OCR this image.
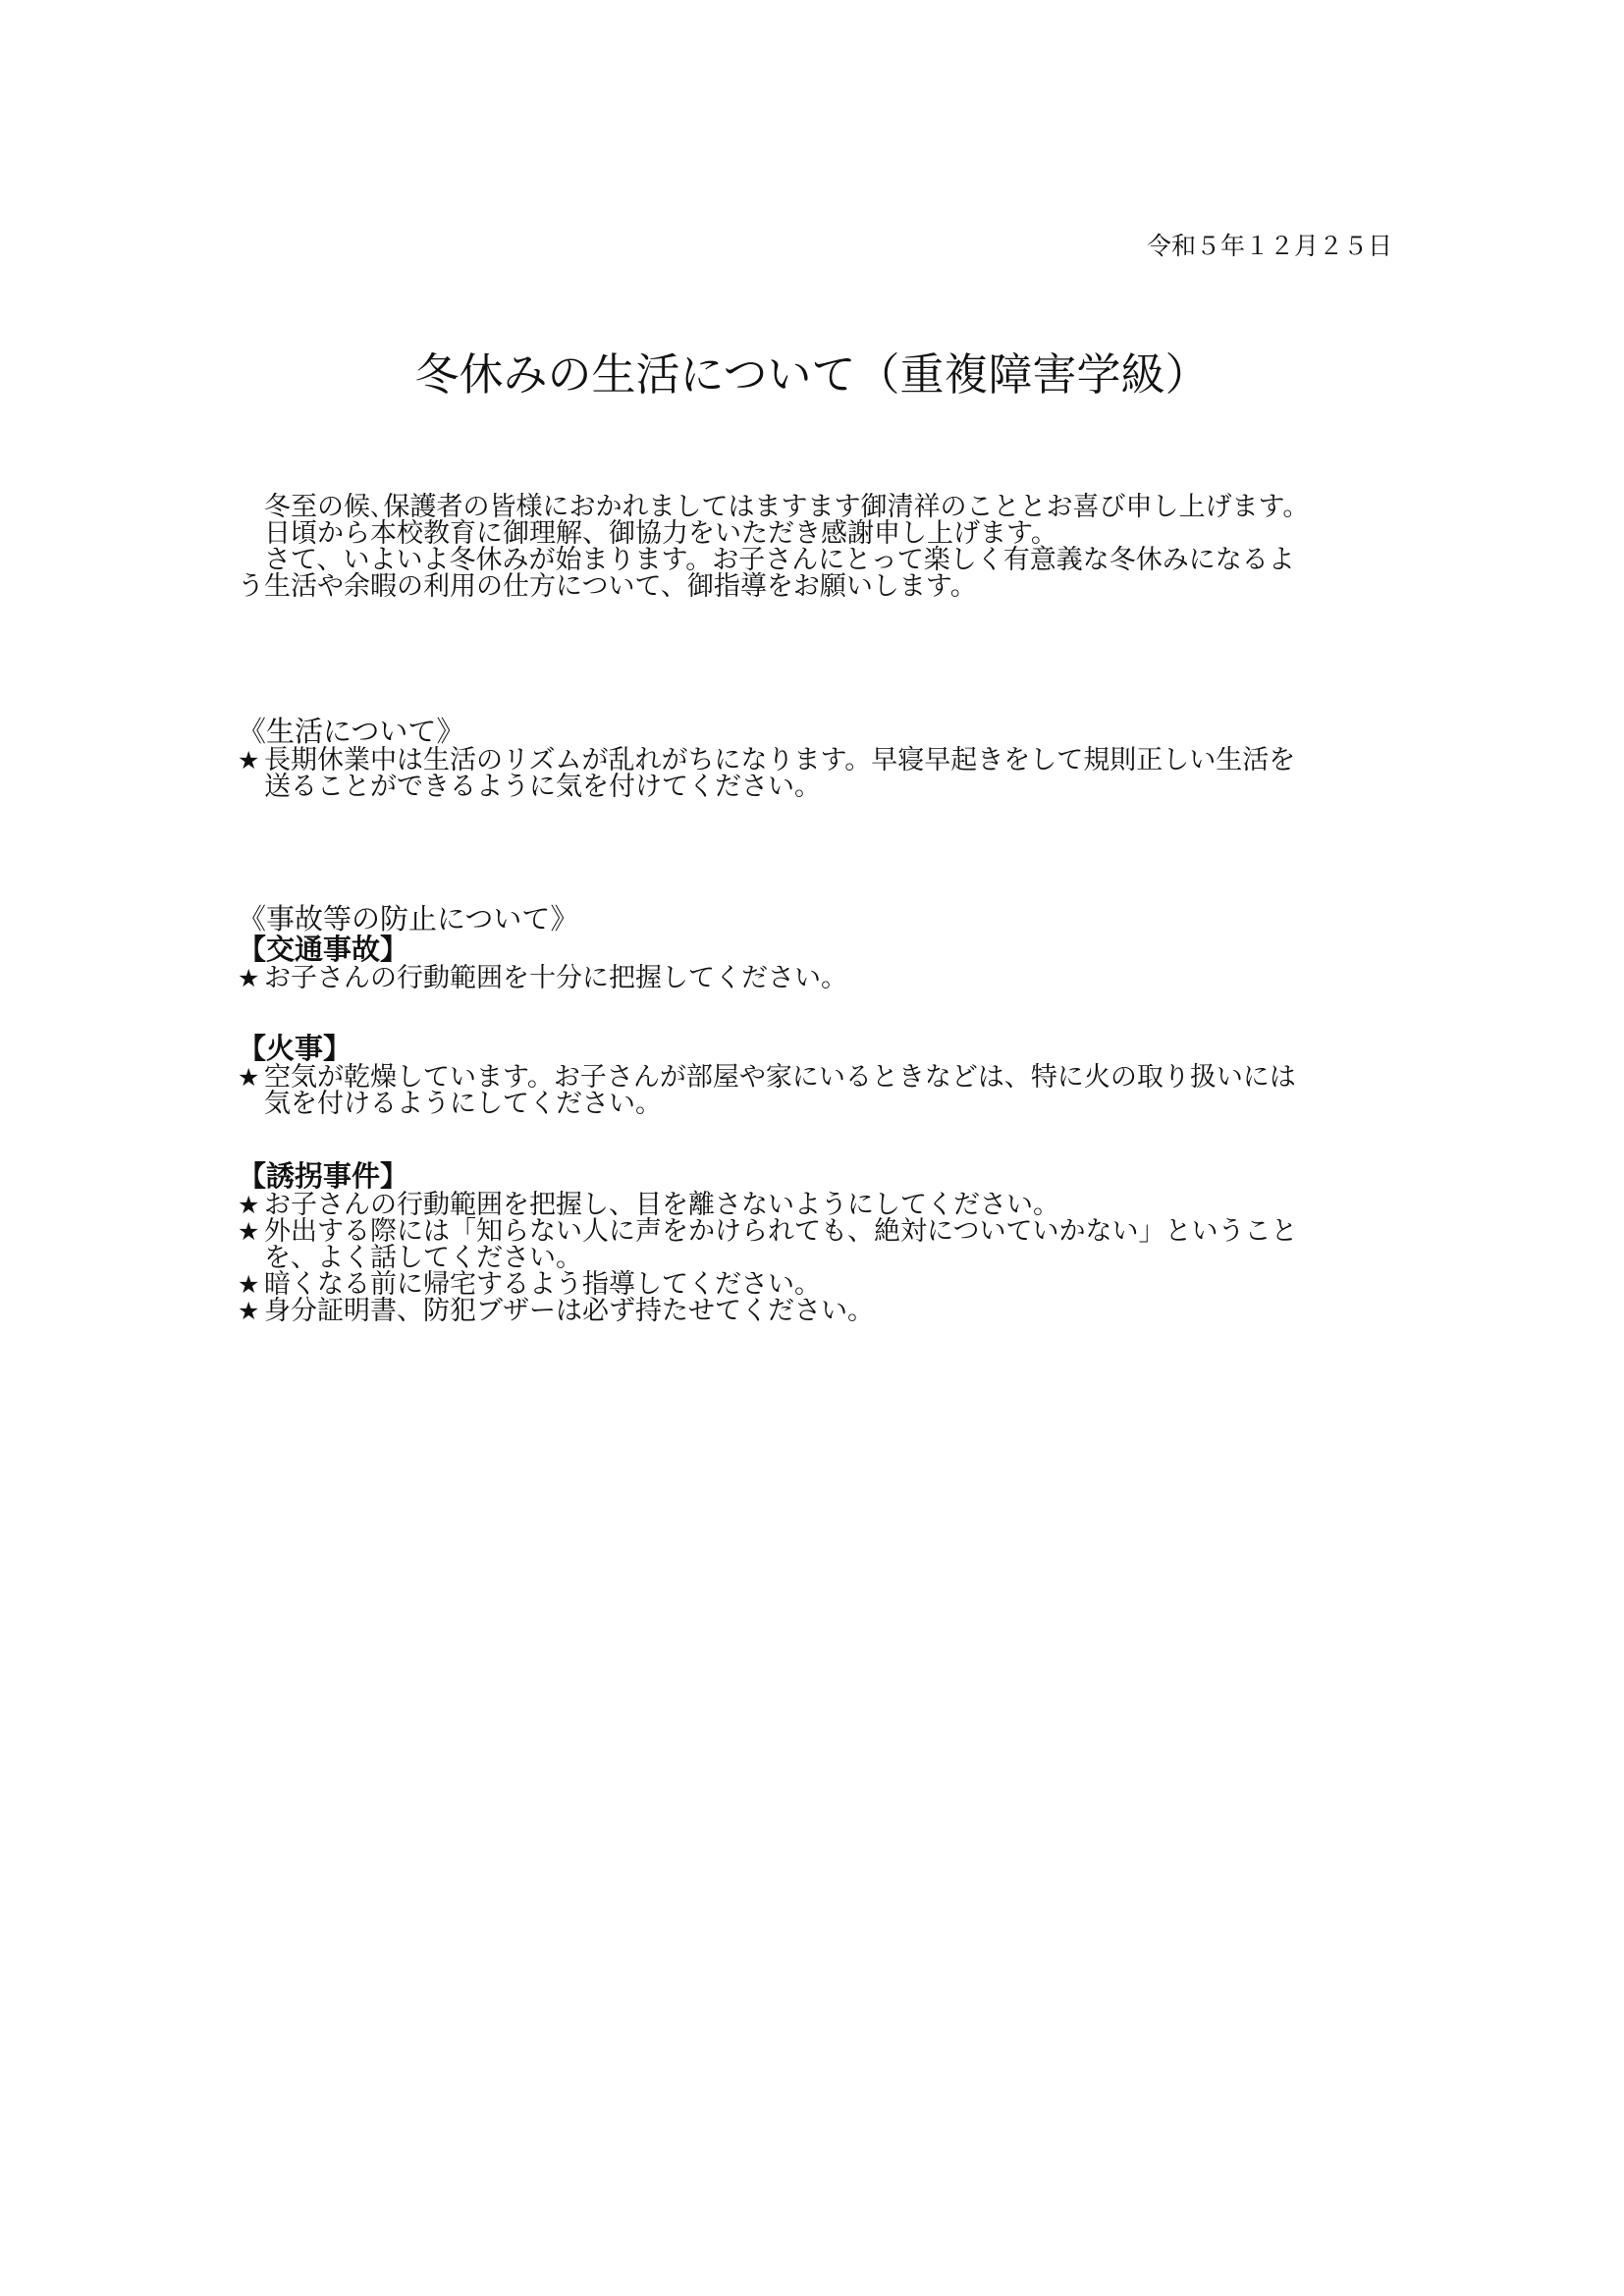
令和５年１２月２５日
冬休みの生活について（重複障害学級）

冬至の候､保護者の皆様におかれましてはますます御清祥のこととお喜び申し上げます。

日頃から本校教育に御理解、御協力をいただき感謝申し上げます。

さて、いよいよ冬休みが始まります。お子さんにとって楽しく有意義な冬休みになるよ

う生活や余暇の利用の仕方について、御指導をお願いします。

《生活について》
★ 長期休業中は生活のリズムが乱れがちになります。早寝早起きをして規則正しい生活を
送ることができるように気を付けてください。
《事故等の防止について》
【交通事故】
★ お子さんの行動範囲を十分に把握してください。
【火事】
★ 空気が乾燥しています。お子さんが部屋や家にいるときなどは、特に火の取り扱いには
気を付けるようにしてください。
【誘拐事件】
★ お子さんの行動範囲を把握し、目を離さないようにしてください。
★ 外出する際には「知らない人に声をかけられても、絶対についていかない」ということ
を、よく話してください。
★ 暗くなる前に帰宅するよう指導してください。
★ 身分証明書、防犯ブザーは必ず持たせてください。
